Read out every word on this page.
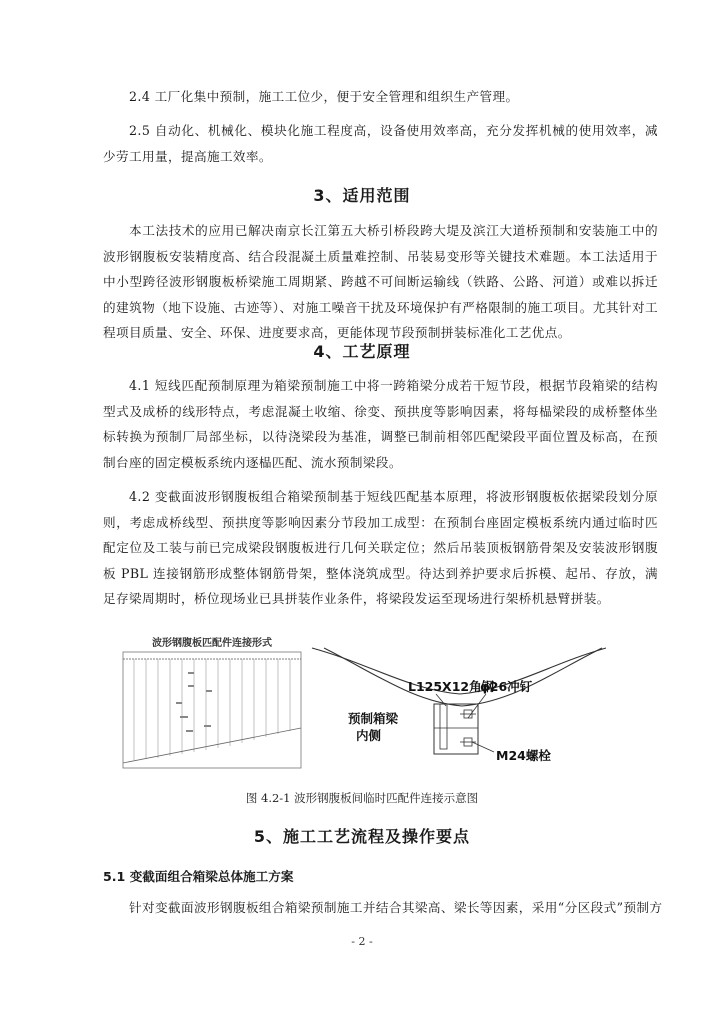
2.4 工厂化集中预制，施工工位少，便于安全管理和组织生产管理。

2.5 自动化、机械化、模块化施工程度高，设备使用效率高，充分发挥机械的使用效率，减少劳工用量，提高施工效率。

3、适用范围

本工法技术的应用已解决南京长江第五大桥引桥段跨大堤及滨江大道桥预制和安装施工中的波形钢腹板安装精度高、结合段混凝土质量难控制、吊装易变形等关键技术难题。本工法适用于中小型跨径波形钢腹板桥梁施工周期紧、跨越不可间断运输线（铁路、公路、河道）或难以拆迁的建筑物（地下设施、古迹等）、对施工噪音干扰及环境保护有严格限制的施工项目。尤其针对工程项目质量、安全、环保、进度要求高，更能体现节段预制拼装标准化工艺优点。

4、工艺原理

4.1 短线匹配预制原理为箱梁预制施工中将一跨箱梁分成若干短节段，根据节段箱梁的结构型式及成桥的线形特点，考虑混凝土收缩、徐变、预拱度等影响因素，将每榀梁段的成桥整体坐标转换为预制厂局部坐标，以待浇梁段为基准，调整已制前相邻匹配梁段平面位置及标高，在预制台座的固定模板系统内逐榀匹配、流水预制梁段。

4.2 变截面波形钢腹板组合箱梁预制基于短线匹配基本原理，将波形钢腹板依据梁段划分原则，考虑成桥线型、预拱度等影响因素分节段加工成型：在预制台座固定模板系统内通过临时匹配定位及工装与前已完成梁段钢腹板进行几何关联定位；然后吊装顶板钢筋骨架及安装波形钢腹板 PBL 连接钢筋形成整体钢筋骨架，整体浇筑成型。待达到养护要求后拆模、起吊、存放，满足存梁周期时，桥位现场业已具拼装作业条件，将梁段发运至现场进行架桥机悬臂拼装。

波形钢腹板匹配件连接形式
L125X12角钢
φ26冲钉
预制箱梁
内侧
M24螺栓
图 4.2-1 波形钢腹板间临时匹配件连接示意图
5、施工工艺流程及操作要点
5.1 变截面组合箱梁总体施工方案

针对变截面波形钢腹板组合箱梁预制施工并结合其梁高、梁长等因素，采用“分区段式”预制方

- 2 -
